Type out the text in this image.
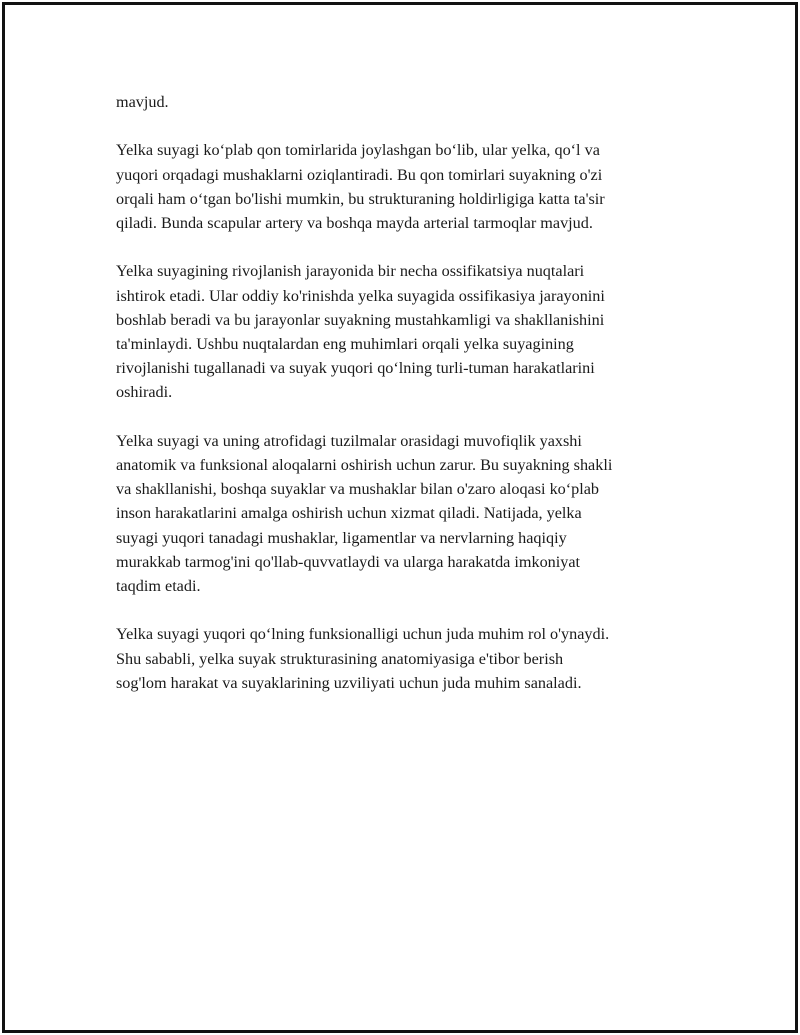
mavjud.

Yelka suyagi koʻplab qon tomirlarida joylashgan boʻlib, ular yelka, qoʻl va
yuqori orqadagi mushaklarni oziqlantiradi. Bu qon tomirlari suyakning o'zi
orqali ham oʻtgan bo'lishi mumkin, bu strukturaning holdirligiga katta ta'sir
qiladi. Bunda scapular artery va boshqa mayda arterial tarmoqlar mavjud.

Yelka suyagining rivojlanish jarayonida bir necha ossifikatsiya nuqtalari
ishtirok etadi. Ular oddiy ko'rinishda yelka suyagida ossifikasiya jarayonini
boshlab beradi va bu jarayonlar suyakning mustahkamligi va shakllanishini
ta'minlaydi. Ushbu nuqtalardan eng muhimlari orqali yelka suyagining
rivojlanishi tugallanadi va suyak yuqori qoʻlning turli-tuman harakatlarini
oshiradi.

Yelka suyagi va uning atrofidagi tuzilmalar orasidagi muvofiqlik yaxshi
anatomik va funksional aloqalarni oshirish uchun zarur. Bu suyakning shakli
va shakllanishi, boshqa suyaklar va mushaklar bilan o'zaro aloqasi koʻplab
inson harakatlarini amalga oshirish uchun xizmat qiladi. Natijada, yelka
suyagi yuqori tanadagi mushaklar, ligamentlar va nervlarning haqiqiy
murakkab tarmog'ini qo'llab-quvvatlaydi va ularga harakatda imkoniyat
taqdim etadi.

Yelka suyagi yuqori qoʻlning funksionalligi uchun juda muhim rol o'ynaydi.
Shu sababli, yelka suyak strukturasining anatomiyasiga e'tibor berish
sog'lom harakat va suyaklarining uzviliyati uchun juda muhim sanaladi.
